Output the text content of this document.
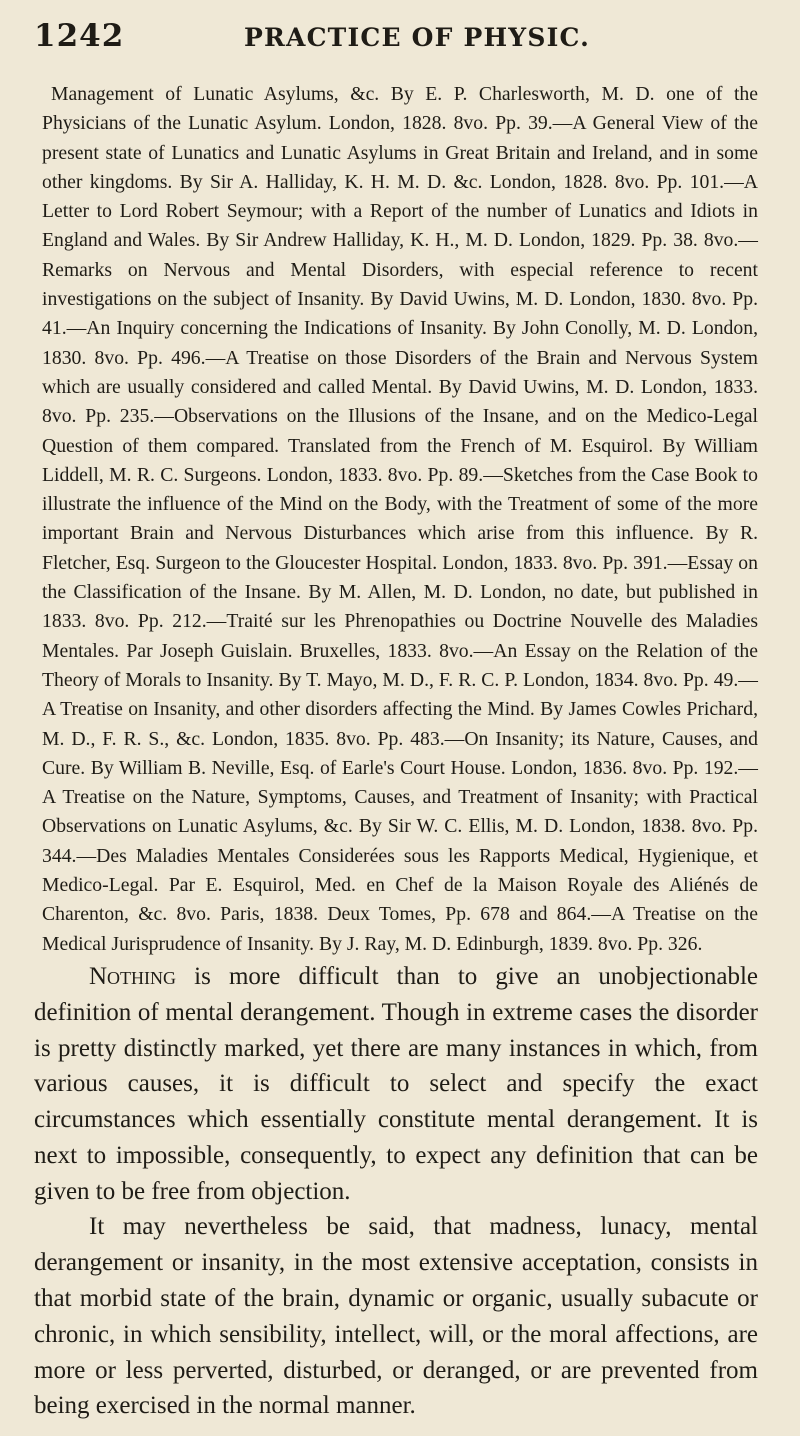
1242	PRACTICE OF PHYSIC.

Management of Lunatic Asylums, &c. By E. P. Charlesworth, M. D. one of the Physicians of the Lunatic Asylum. London, 1828. 8vo. Pp. 39.—A General View of the present state of Lunatics and Lunatic Asylums in Great Britain and Ireland, and in some other kingdoms. By Sir A. Halliday, K. H. M. D. &c. London, 1828. 8vo. Pp. 101.—A Letter to Lord Robert Seymour; with a Report of the number of Lunatics and Idiots in England and Wales. By Sir Andrew Halliday, K. H., M. D. London, 1829. Pp. 38. 8vo.—Remarks on Nervous and Mental Disorders, with especial reference to recent investigations on the subject of Insanity. By David Uwins, M. D. London, 1830. 8vo. Pp. 41.—An Inquiry concerning the Indications of Insanity. By John Conolly, M. D. London, 1830. 8vo. Pp. 496.—A Treatise on those Disorders of the Brain and Nervous System which are usually considered and called Mental. By David Uwins, M. D. London, 1833. 8vo. Pp. 235.—Observations on the Illusions of the Insane, and on the Medico-Legal Question of them compared. Translated from the French of M. Esquirol. By William Liddell, M. R. C. Surgeons. London, 1833. 8vo. Pp. 89.—Sketches from the Case Book to illustrate the influence of the Mind on the Body, with the Treatment of some of the more important Brain and Nervous Disturbances which arise from this influence. By R. Fletcher, Esq. Surgeon to the Gloucester Hospital. London, 1833. 8vo. Pp. 391.—Essay on the Classification of the Insane. By M. Allen, M. D. London, no date, but published in 1833. 8vo. Pp. 212.—Traité sur les Phrenopathies ou Doctrine Nouvelle des Maladies Mentales. Par Joseph Guislain. Bruxelles, 1833. 8vo.—An Essay on the Relation of the Theory of Morals to Insanity. By T. Mayo, M. D., F. R. C. P. London, 1834. 8vo. Pp. 49.—A Treatise on Insanity, and other disorders affecting the Mind. By James Cowles Prichard, M. D., F. R. S., &c. London, 1835. 8vo. Pp. 483.—On Insanity; its Nature, Causes, and Cure. By William B. Neville, Esq. of Earle's Court House. London, 1836. 8vo. Pp. 192.—A Treatise on the Nature, Symptoms, Causes, and Treatment of Insanity; with Practical Observations on Lunatic Asylums, &c. By Sir W. C. Ellis, M. D. London, 1838. 8vo. Pp. 344.—Des Maladies Mentales Considerées sous les Rapports Medical, Hygienique, et Medico-Legal. Par E. Esquirol, Med. en Chef de la Maison Royale des Aliénés de Charenton, &c. 8vo. Paris, 1838. Deux Tomes, Pp. 678 and 864.—A Treatise on the Medical Jurisprudence of Insanity. By J. Ray, M. D. Edinburgh, 1839. 8vo. Pp. 326.

Nothing is more difficult than to give an unobjectionable definition of mental derangement. Though in extreme cases the disorder is pretty distinctly marked, yet there are many instances in which, from various causes, it is difficult to select and specify the exact circumstances which essentially constitute mental derangement. It is next to impossible, consequently, to expect any definition that can be given to be free from objection.

It may nevertheless be said, that madness, lunacy, mental derangement or insanity, in the most extensive acceptation, consists in that morbid state of the brain, dynamic or organic, usually subacute or chronic, in which sensibility, intellect, will, or the moral affections, are more or less perverted, disturbed, or deranged, or are prevented from being exercised in the normal manner.
